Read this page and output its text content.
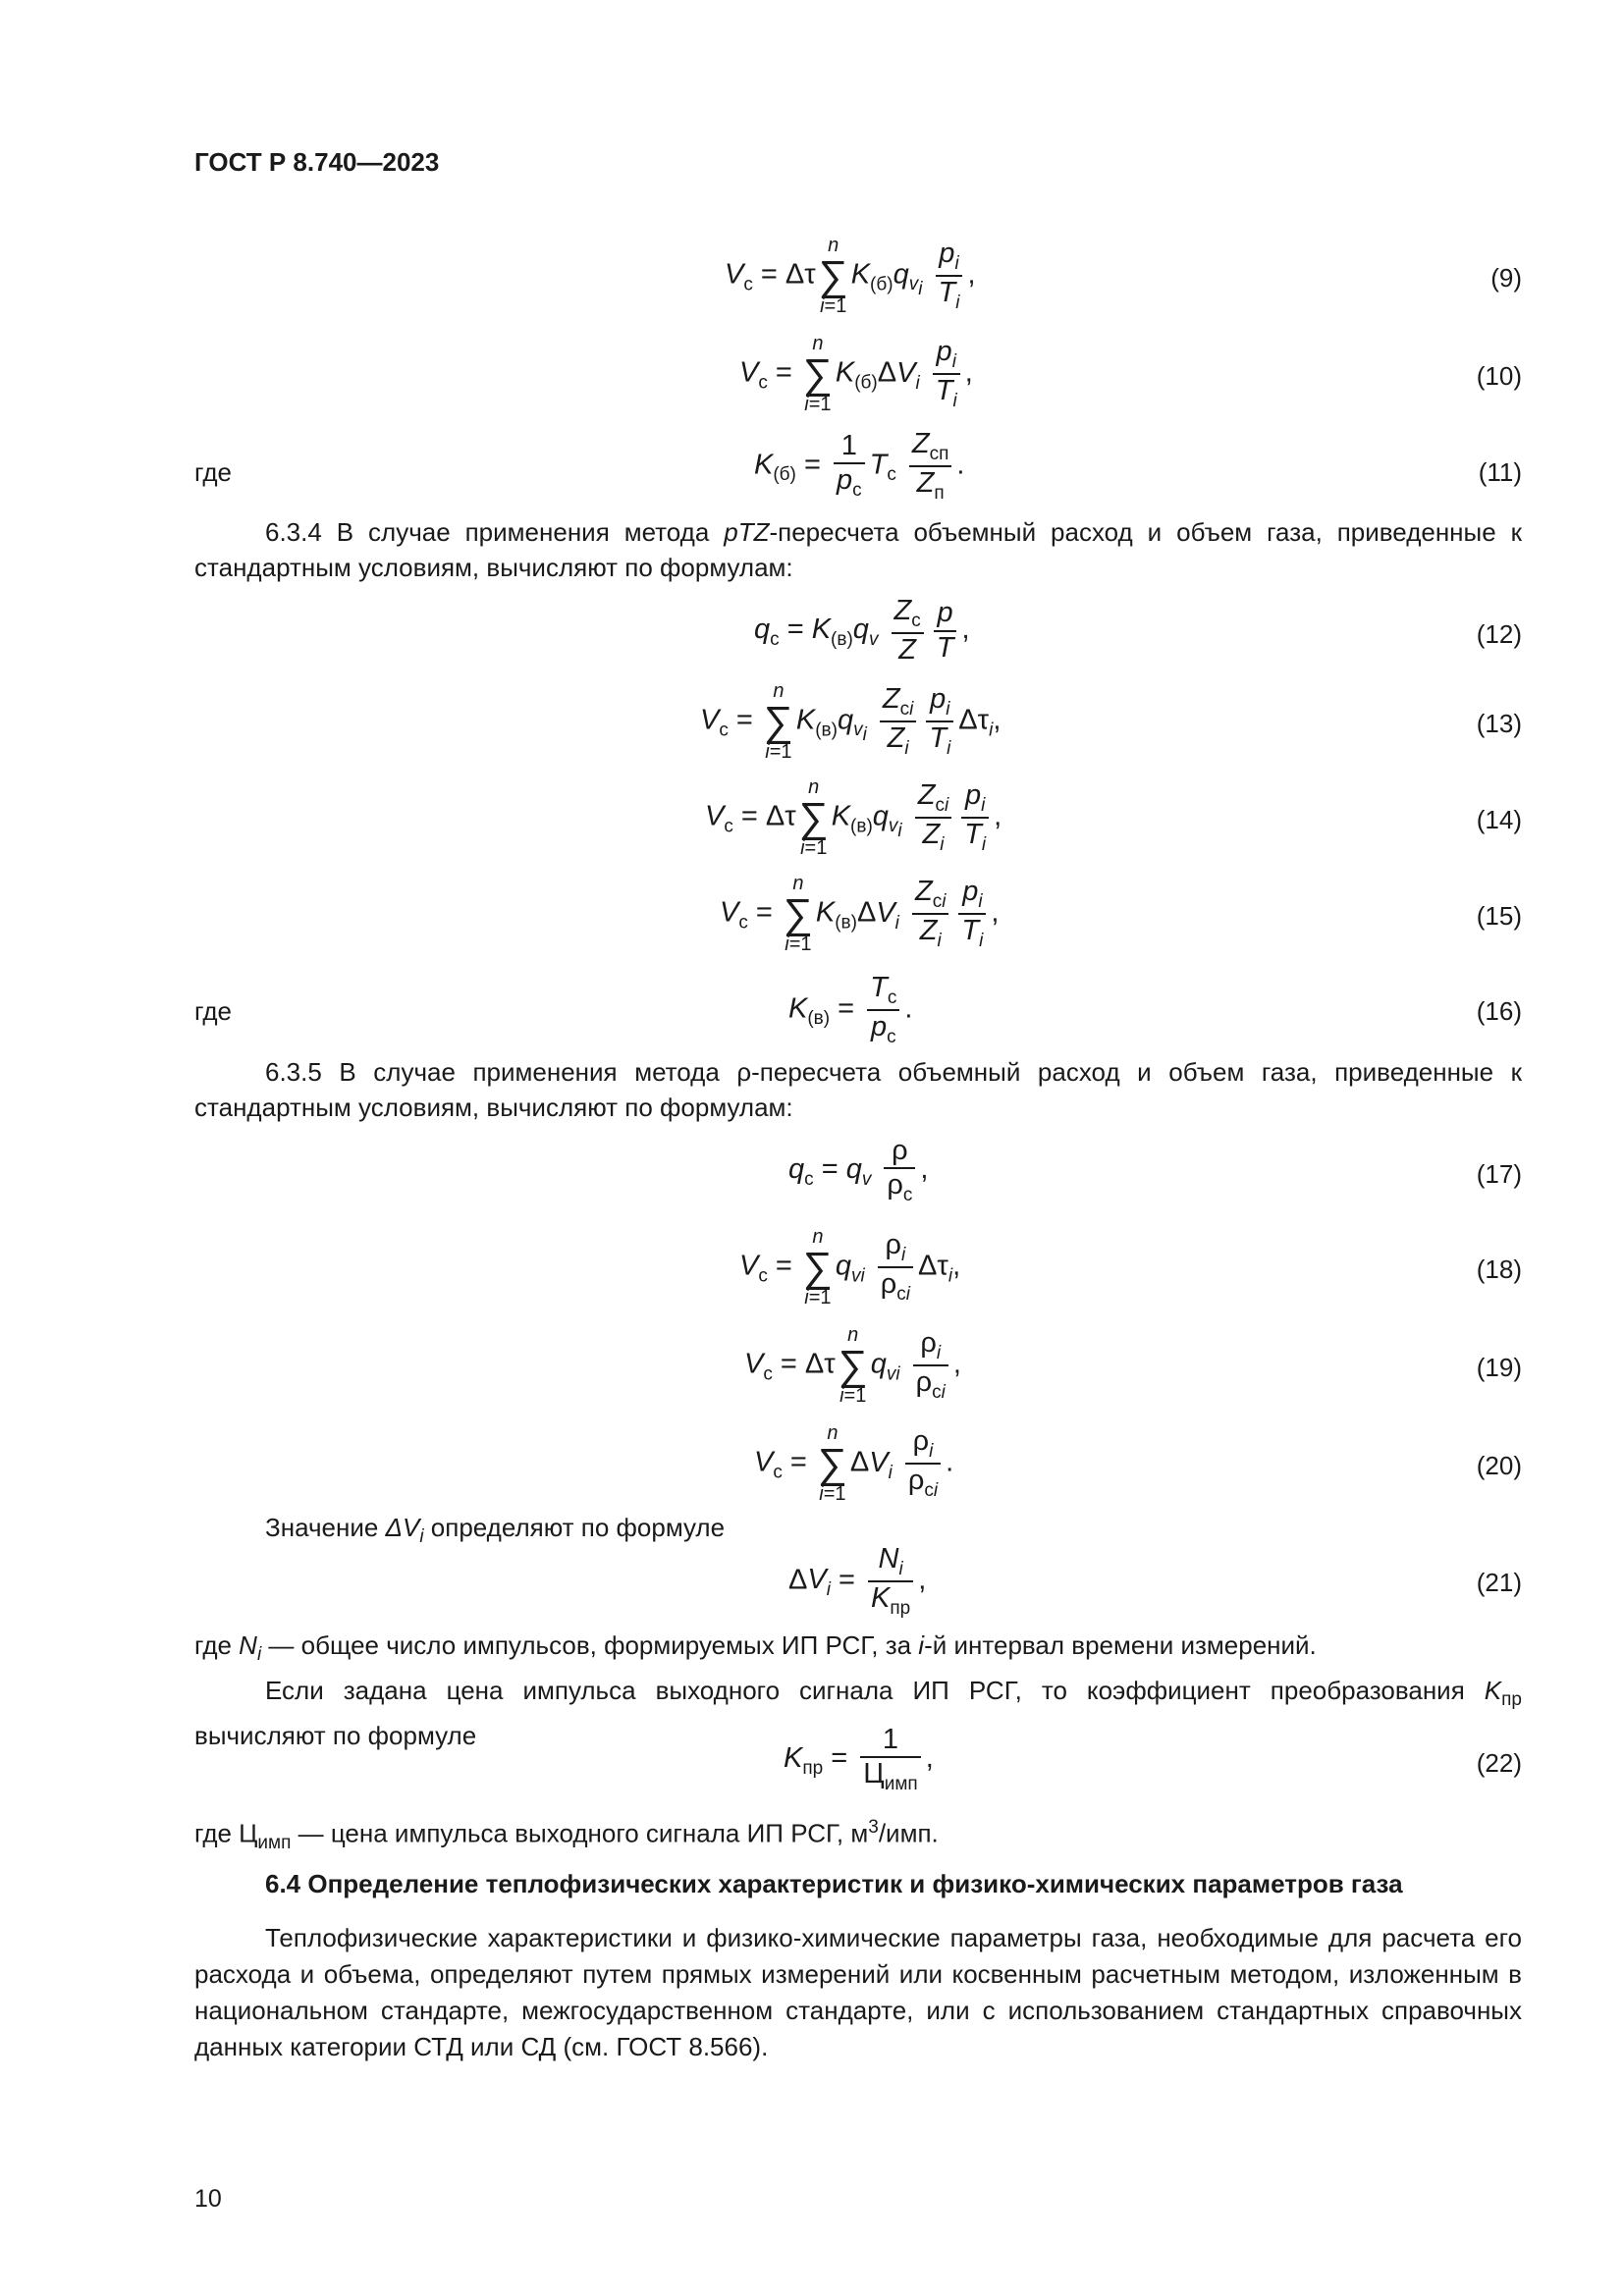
ГОСТ Р 8.740—2023
$V_с = \Delta\tau$
n
∑
i=1
$K_{(б)}q_{v_i} \frac{p_i}{T_i}$ ,	(9)
$V_с$ =
n
∑
i=1
$K_{(б)}\Delta V_i \frac{p_i}{T_i}$ ,	(10)
где	$K_{(б)} = \frac{1}{p_с} T_с \frac{Z_{сп}}{Z_п}$ .	(11)

6.3.4 В случае применения метода pTZ-пересчета объемный расход и объем газа, приведенные к стандартным условиям, вычисляют по формулам:

$q_с = K_{(в)}q_v \frac{Z_с}{Z} \frac{p}{T}$ ,	(12)
$V_с$ =
n
∑
i=1
$K_{(в)}q_{v_i} \frac{Z_{сi}}{Z_i} \frac{p_i}{T_i} \Delta\tau_i$,	(13)
$V_с = \Delta\tau$
n
∑
i=1
$K_{(в)}q_{v_i} \frac{Z_{сi}}{Z_i} \frac{p_i}{T_i}$ ,	(14)
$V_с$ =
n
∑
i=1
$K_{(в)}\Delta V_i \frac{Z_{сi}}{Z_i} \frac{p_i}{T_i}$ ,	(15)
где	$K_{(в)} = \frac{T_с}{p_с}$ .	(16)

6.3.5 В случае применения метода ρ-пересчета объемный расход и объем газа, приведенные к стандартным условиям, вычисляют по формулам:

$q_с = q_v \frac{\rho}{\rho_с}$ ,	(17)
$V_с$ =
n
∑
i=1
$q_{vi} \frac{\rho_i}{\rho_{сi}} \Delta\tau_i$,	(18)
$V_с = \Delta\tau$
n
∑
i=1
$q_{vi} \frac{\rho_i}{\rho_{сi}}$ ,	(19)
$V_с$ =
n
∑
i=1
$\Delta V_i \frac{\rho_i}{\rho_{сi}}$ .	(20)

Значение $\Delta V_i$ определяют по формуле

$\Delta V_i = \frac{N_i}{K_{пр}}$ ,	(21)

где $N_i$ — общее число импульсов, формируемых ИП РСГ, за i-й интервал времени измерений.

Если задана цена импульса выходного сигнала ИП РСГ, то коэффициент преобразования $K_{пр}$ вычисляют по формуле

$K_{пр} = \frac{1}{Ц_{имп}}$ ,	(22)

где $Ц_{имп}$ — цена импульса выходного сигнала ИП РСГ, $м^3$/имп.

6.4 Определение теплофизических характеристик и физико-химических параметров газа

Теплофизические характеристики и физико-химические параметры газа, необходимые для расчета его расхода и объема, определяют путем прямых измерений или косвенным расчетным методом, изложенным в национальном стандарте, межгосударственном стандарте, или с использованием стандартных справочных данных категории СТД или СД (см. ГОСТ 8.566).

10
